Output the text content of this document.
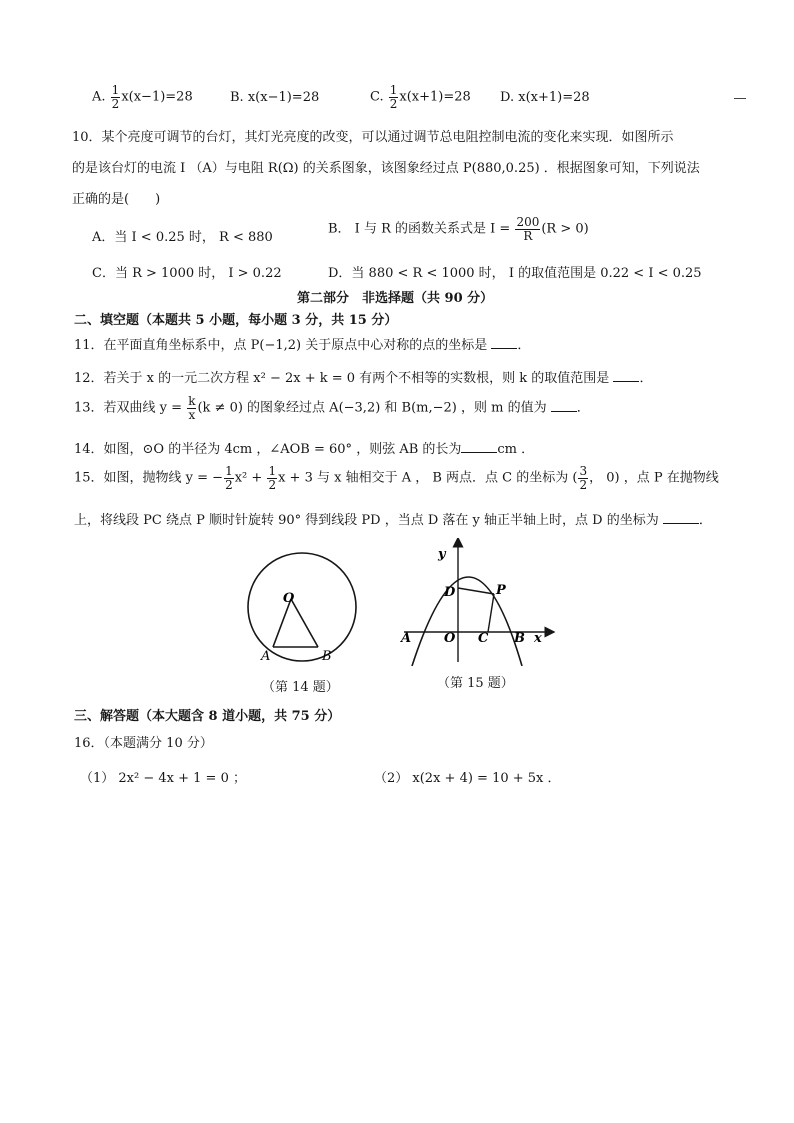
A. $\frac{1}{2} x(x-1)=28$	B. x(x−1)=28	C. $\frac{1}{2} x(x+1)=28$ D. x(x+1)=28
10．某个亮度可调节的台灯，其灯光亮度的改变，可以通过调节总电阻控制电流的变化来实现．如图所示
的是该台灯的电流 I （A）与电阻 R(Ω) 的关系图象，该图象经过点 P(880,0.25) ．根据图象可知，下列说法
正确的是(　　)
A．当 I < 0.25 时， R < 880
B． I 与 R 的函数关系式是 $I = \frac{200}{R} (R > 0)$
C．当 R > 1000 时， I > 0.22	D．当 880 < R < 1000 时， I 的取值范围是 0.22 < I < 0.25
第二部分　非选择题（共 90 分）
二、填空题（本题共 5 小题，每小题 3 分，共 15 分）
11．在平面直角坐标系中，点 P(−1,2) 关于原点中心对称的点的坐标是 ．
12．若关于 x 的一元二次方程 x² − 2x + k = 0 有两个不相等的实数根，则 k 的取值范围是 ．
13．若双曲线 $y = \frac{k}{x} (k \ne 0)$ 的图象经过点 A(−3,2) 和 B(m,−2) ，则 m 的值为 ．
14．如图，⊙O 的半径为 4cm ，∠AOB = 60° ，则弦 AB 的长为	cm ．
15．如图，抛物线 y = − $\frac{1}{2} x^2 + \frac{1}{2}$ x + 3 与 x 轴相交于 A ， B 两点．点 C 的坐标为 ( $\frac{3}{2}$ ， 0) ，点 P 在抛物线
上，将线段 PC 绕点 P 顺时针旋转 90° 得到线段 PD ，当点 D 落在 y 轴正半轴上时，点 D 的坐标为	．
O
A	B
（第 14 题）
y
x
A	O C B
D	P
（第 15 题）
三、解答题（本大题含 8 道小题，共 75 分）
16．（本题满分 10 分）
（1） 2x² − 4x + 1 = 0 ；	（2） x(2x + 4) = 10 + 5x ．
